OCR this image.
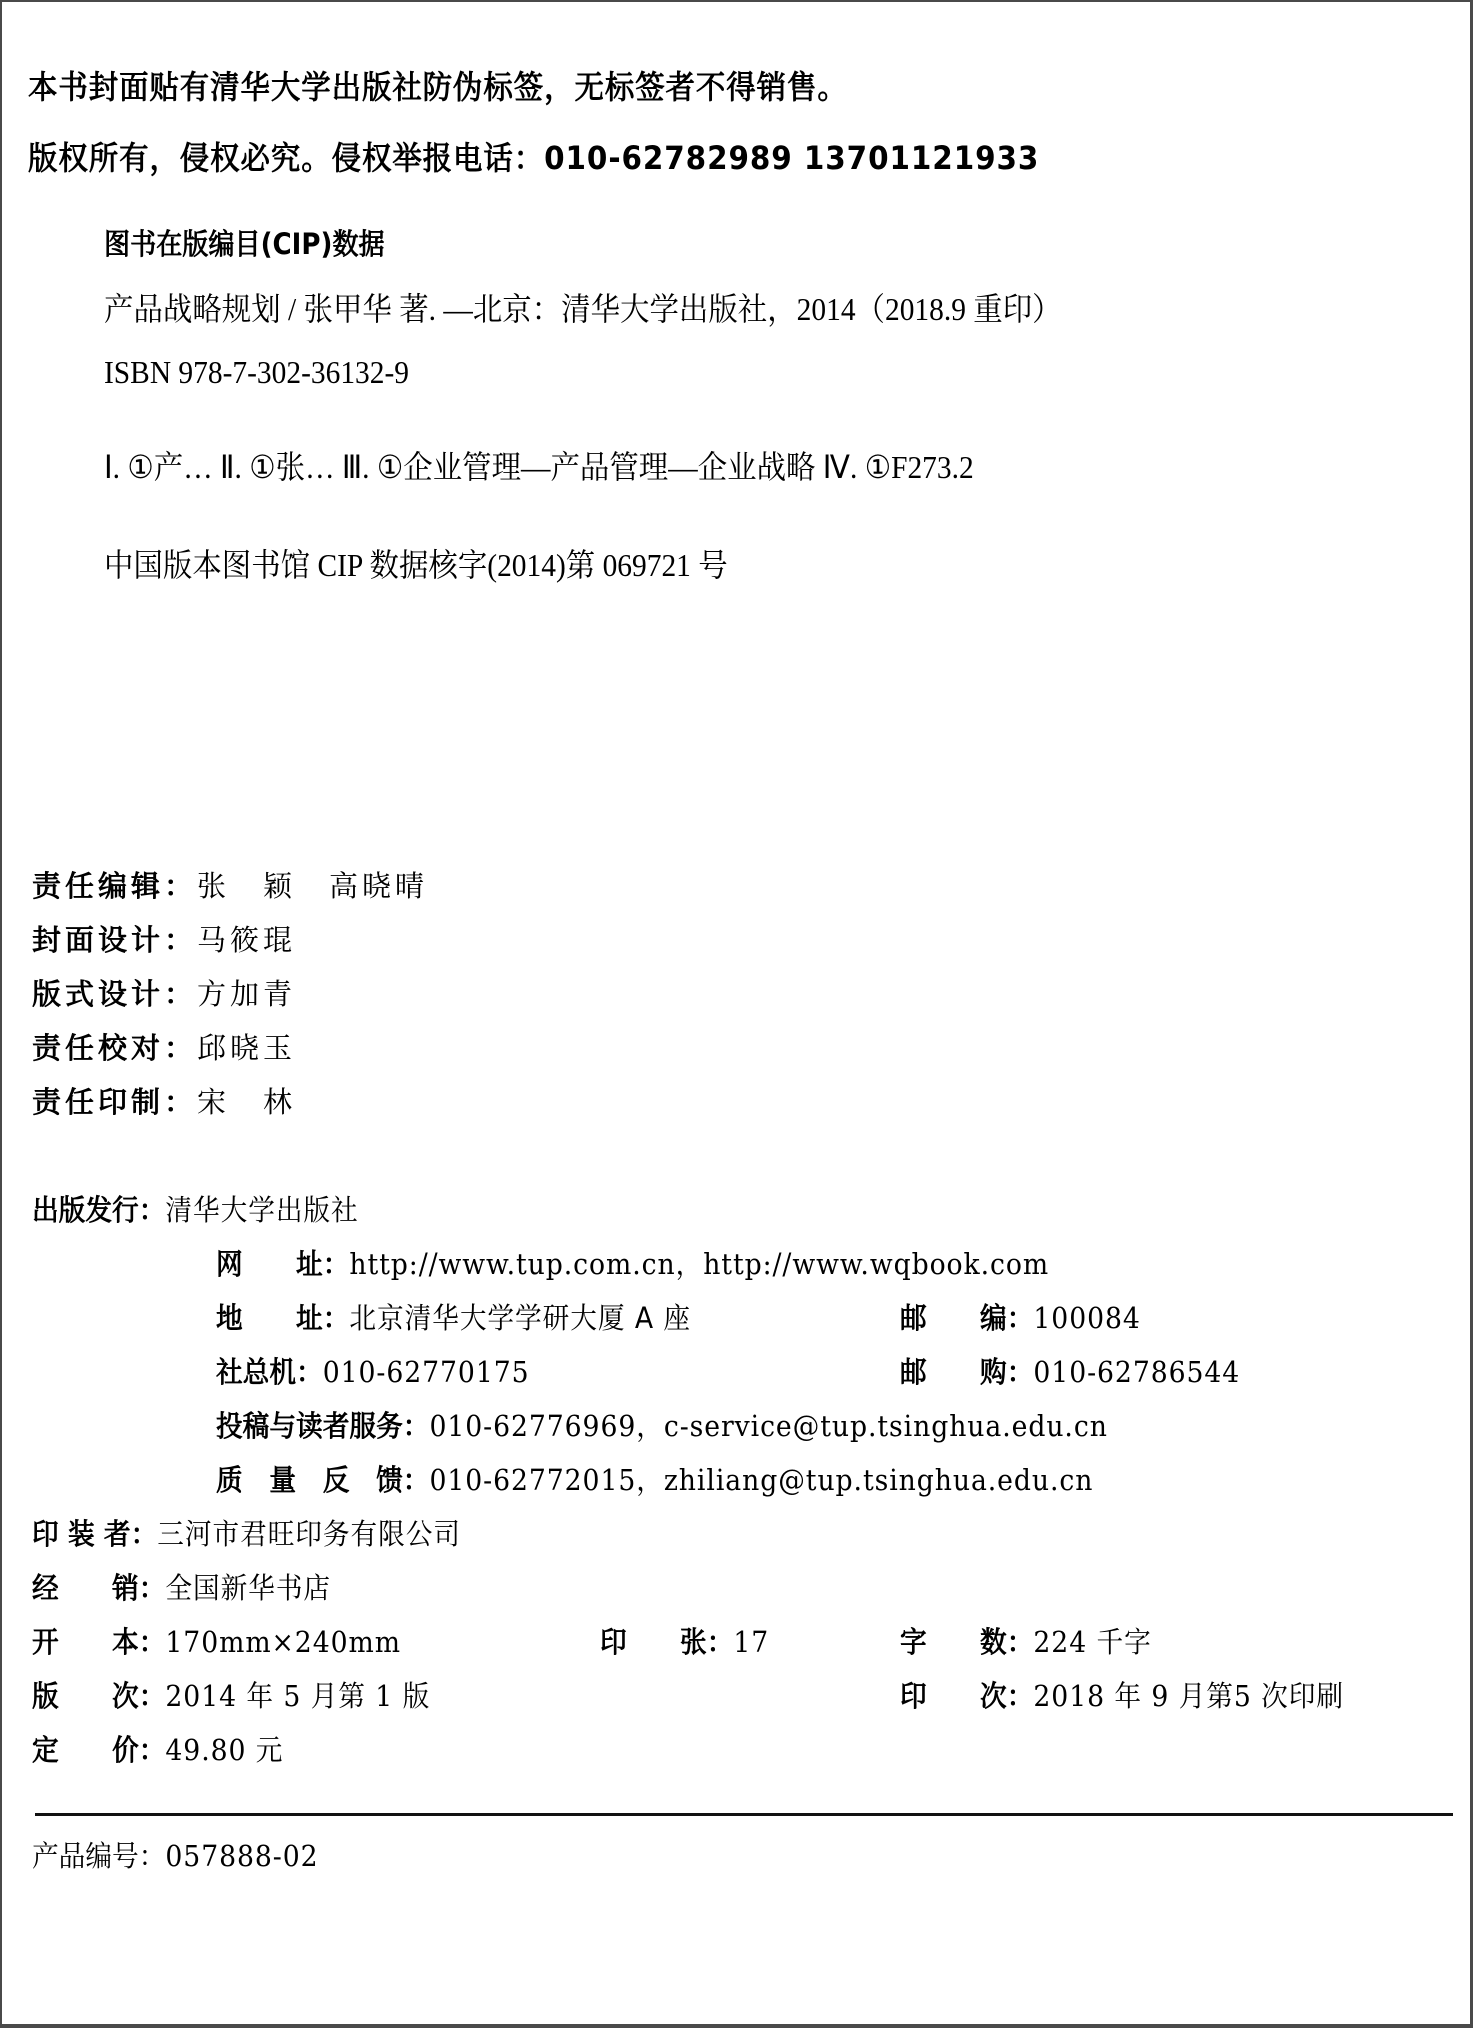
本书封面贴有清华大学出版社防伪标签，无标签者不得销售。
版权所有，侵权必究。侵权举报电话：010-62782989 13701121933
图书在版编目(CIP)数据
产品战略规划 / 张甲华 著. —北京：清华大学出版社，2014（2018.9 重印）
ISBN 978-7-302-36132-9
Ⅰ. ①产… Ⅱ. ①张… Ⅲ. ①企业管理—产品管理—企业战略 Ⅳ. ①F273.2
中国版本图书馆 CIP 数据核字(2014)第 069721 号
责任编辑：张　颖　高晓晴
封面设计：马筱琨
版式设计：方加青
责任校对：邱晓玉
责任印制：宋　林
出版发行：清华大学出版社
网　　址：http://www.tup.com.cn，http://www.wqbook.com
地　　址：北京清华大学学研大厦 A 座	邮　　编：100084
社总机：010-62770175	邮　　购：010-62786544
投稿与读者服务：010-62776969，c-service@tup.tsinghua.edu.cn
质　量　反　馈：010-62772015，zhiliang@tup.tsinghua.edu.cn
印 装 者：三河市君旺印务有限公司
经　　销：全国新华书店
开　　本：170mm×240mm	印　　张：17	字　　数：224 千字
版　　次：2014 年 5 月第 1 版	印　　次：2018 年 9 月第5 次印刷
定　　价：49.80 元
产品编号：057888-02
